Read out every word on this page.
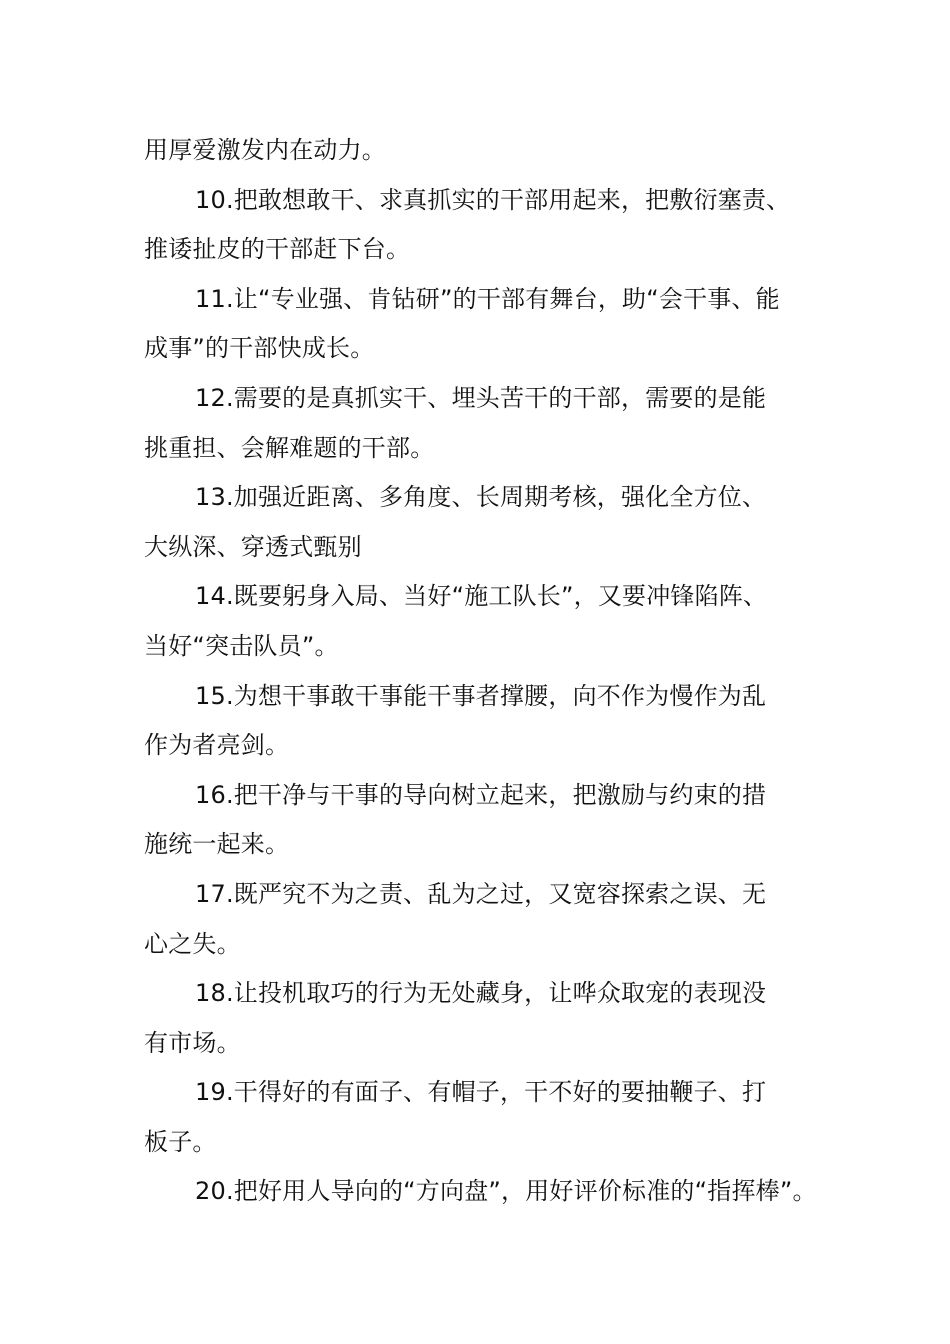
用厚爱激发内在动力。
10.把敢想敢干、求真抓实的干部用起来，把敷衍塞责、
推诿扯皮的干部赶下台。
11.让“专业强、肯钻研”的干部有舞台，助“会干事、能
成事”的干部快成长。
12.需要的是真抓实干、埋头苦干的干部，需要的是能
挑重担、会解难题的干部。
13.加强近距离、多角度、长周期考核，强化全方位、
大纵深、穿透式甄别
14.既要躬身入局、当好“施工队长”，又要冲锋陷阵、
当好“突击队员”。
15.为想干事敢干事能干事者撑腰，向不作为慢作为乱
作为者亮剑。
16.把干净与干事的导向树立起来，把激励与约束的措
施统一起来。
17.既严究不为之责、乱为之过，又宽容探索之误、无
心之失。
18.让投机取巧的行为无处藏身，让哗众取宠的表现没
有市场。
19.干得好的有面子、有帽子，干不好的要抽鞭子、打
板子。
20.把好用人导向的“方向盘”，用好评价标准的“指挥棒”。
